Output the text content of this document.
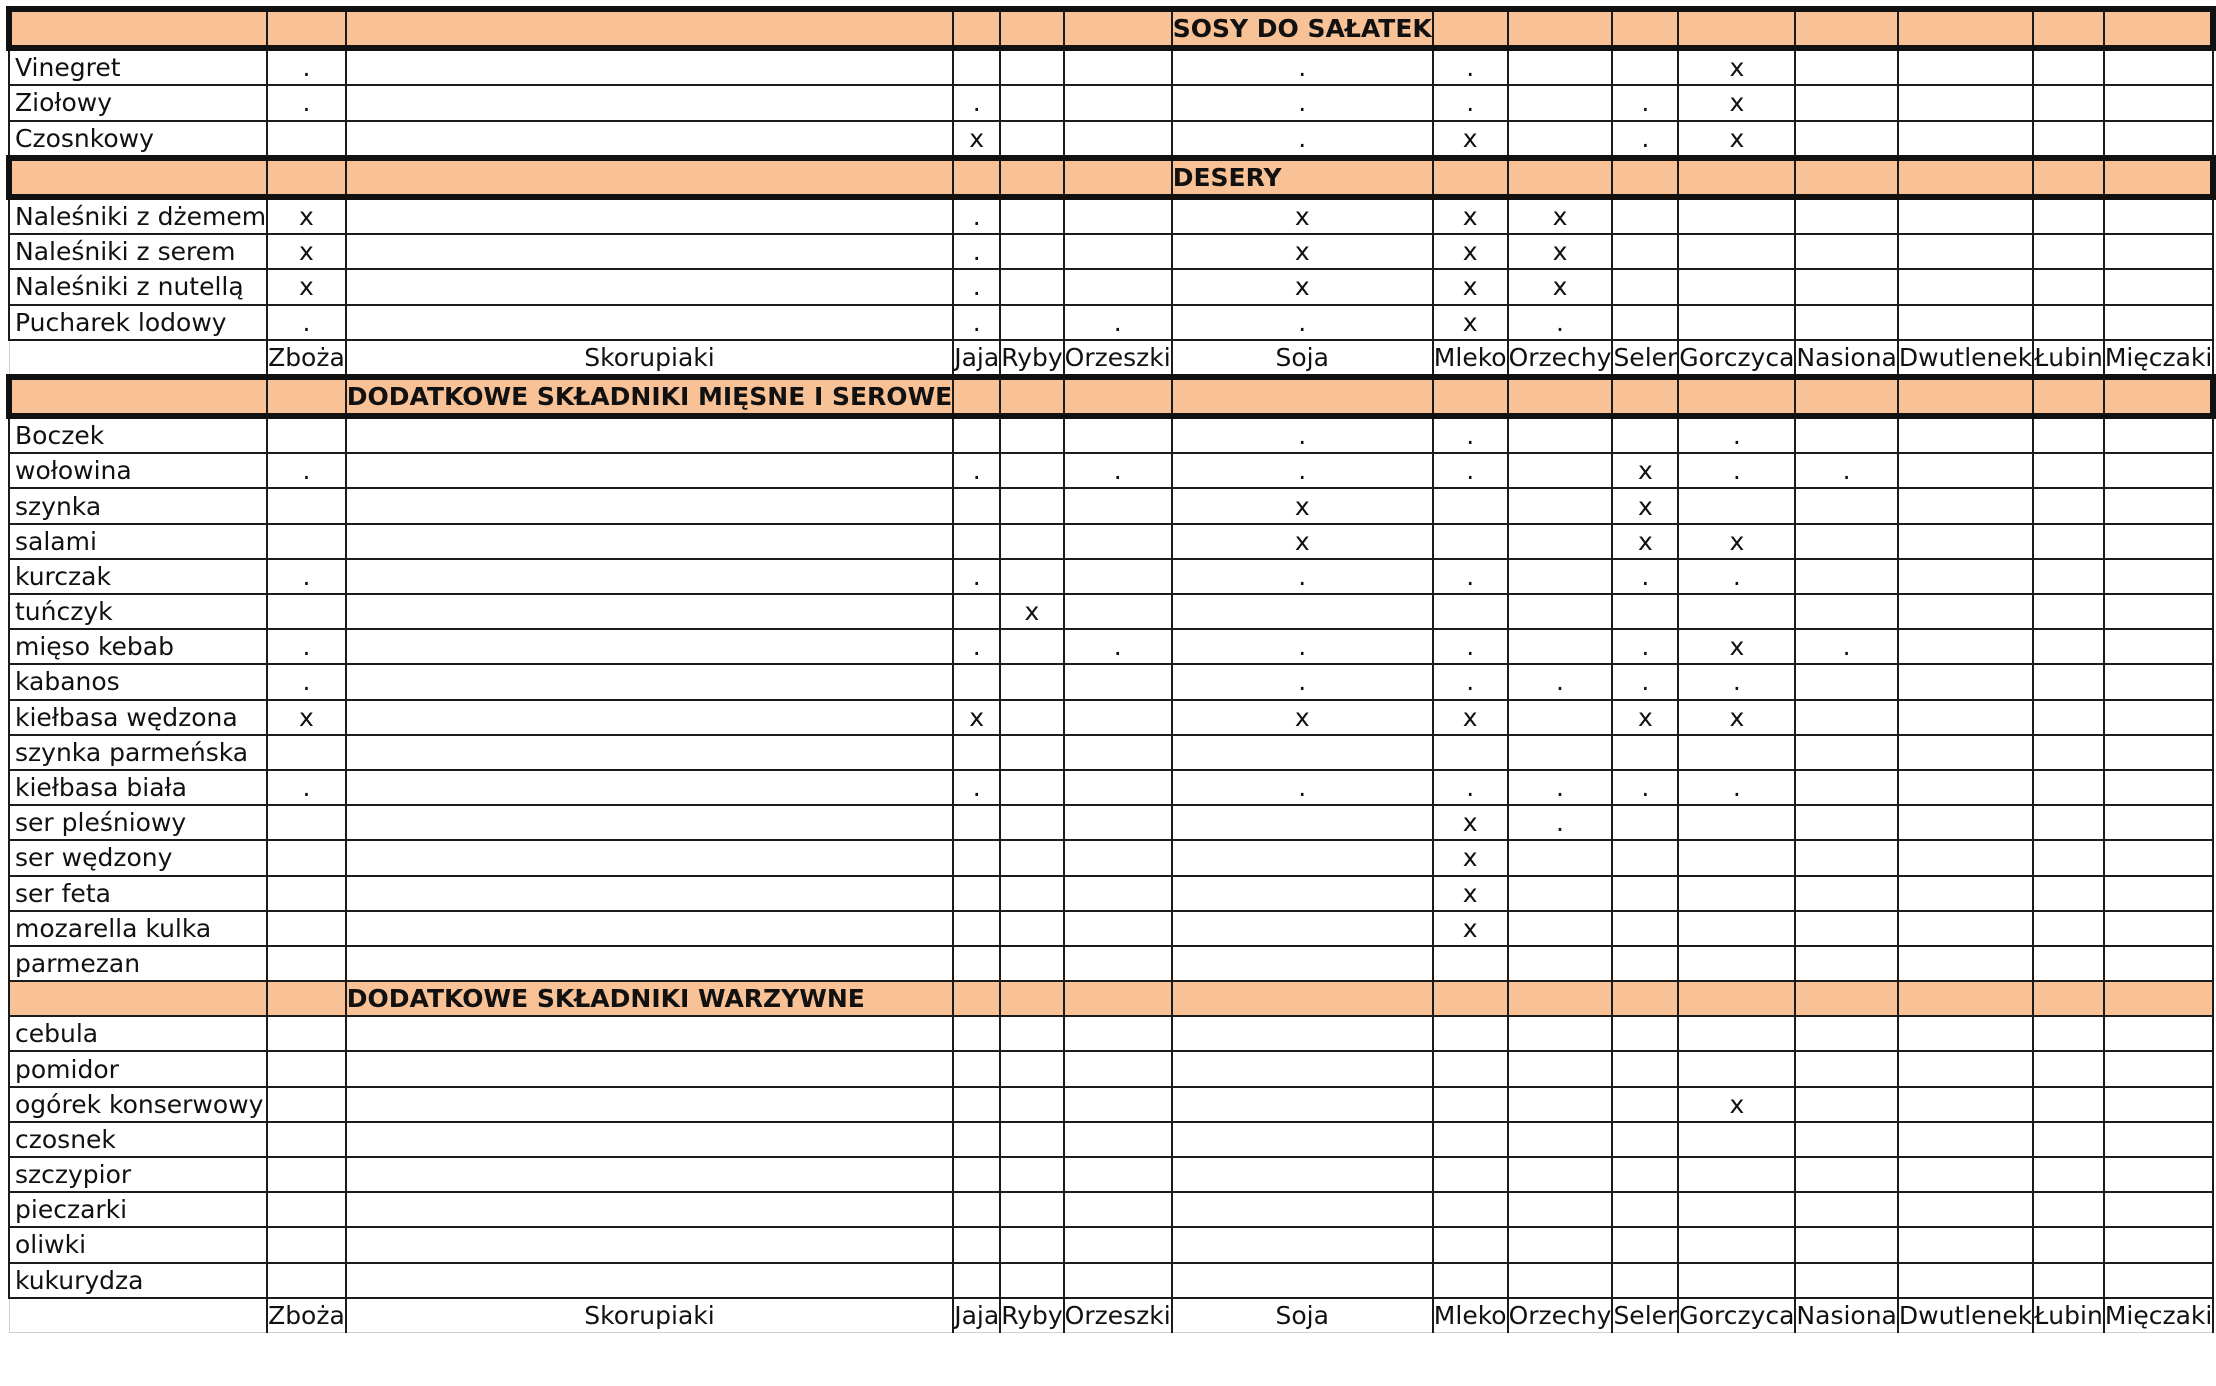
						SOSY DO SAŁATEK								
Vinegret	.					.	.			x				
Ziołowy	.		.			.	.		.	x				
Czosnkowy			x			.	x		.	x				
						DESERY								
Naleśniki z dżemem	x		.			x	x	x						
Naleśniki z serem	x		.			x	x	x						
Naleśniki z nutellą	x		.			x	x	x						
Pucharek lodowy	.		.		.	.	x	.						
	Zboża	Skorupiaki	Jaja	Ryby	Orzeszki	Soja	Mleko	Orzechy	Seler	Gorczyca	Nasiona	Dwutlenek	Łubin	Mięczaki
		DODATKOWE SKŁADNIKI MIĘSNE I SEROWE												
Boczek						.	.			.				
wołowina	.		.		.	.	.		x	.	.			
szynka						x			x					
salami						x			x	x				
kurczak	.		.			.	.		.	.				
tuńczyk				x										
mięso kebab	.		.		.	.	.		.	x	.			
kabanos	.					.	.	.	.	.				
kiełbasa wędzona	x		x			x	x		x	x				
szynka parmeńska														
kiełbasa biała	.		.			.	.	.	.	.				
ser pleśniowy							x	.						
ser wędzony							x							
ser feta							x							
mozarella kulka							x							
parmezan														
		DODATKOWE SKŁADNIKI WARZYWNE												
cebula														
pomidor														
ogórek konserwowy										x				
czosnek														
szczypior														
pieczarki														
oliwki														
kukurydza														
	Zboża	Skorupiaki	Jaja	Ryby	Orzeszki	Soja	Mleko	Orzechy	Seler	Gorczyca	Nasiona	Dwutlenek	Łubin	Mięczaki
